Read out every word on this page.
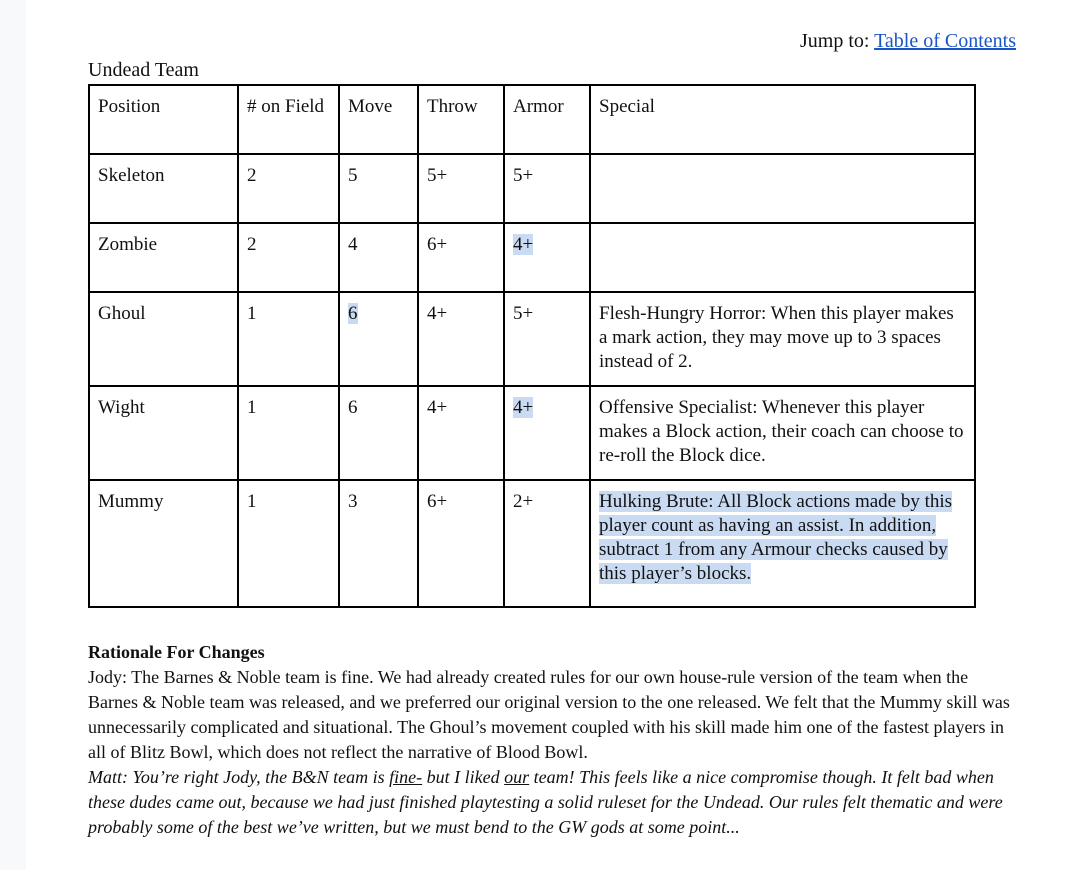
Jump to: Table of Contents
Undead Team
Position	# on Field	Move	Throw	Armor	Special
Skeleton	2	5	5+	5+	
Zombie	2	4	6+	4+	
Ghoul	1	6	4+	5+	Flesh-Hungry Horror: When this player makes a mark action, they may move up to 3 spaces instead of 2.
Wight	1	6	4+	4+	Offensive Specialist: Whenever this player makes a Block action, their coach can choose to re-roll the Block dice.
Mummy	1	3	6+	2+	Hulking Brute: All Block actions made by this player count as having an assist. In addition, subtract 1 from any Armour checks caused by this player’s blocks.
Rationale For Changes

Jody: The Barnes & Noble team is fine. We had already created rules for our own house-rule version of the team when the Barnes & Noble team was released, and we preferred our original version to the one released. We felt that the Mummy skill was unnecessarily complicated and situational. The Ghoul’s movement coupled with his skill made him one of the fastest players in all of Blitz Bowl, which does not reflect the narrative of Blood Bowl.

Matt: You’re right Jody, the B&N team is fine- but I liked our team! This feels like a nice compromise though. It felt bad when these dudes came out, because we had just finished playtesting a solid ruleset for the Undead. Our rules felt thematic and were probably some of the best we’ve written, but we must bend to the GW gods at some point...
